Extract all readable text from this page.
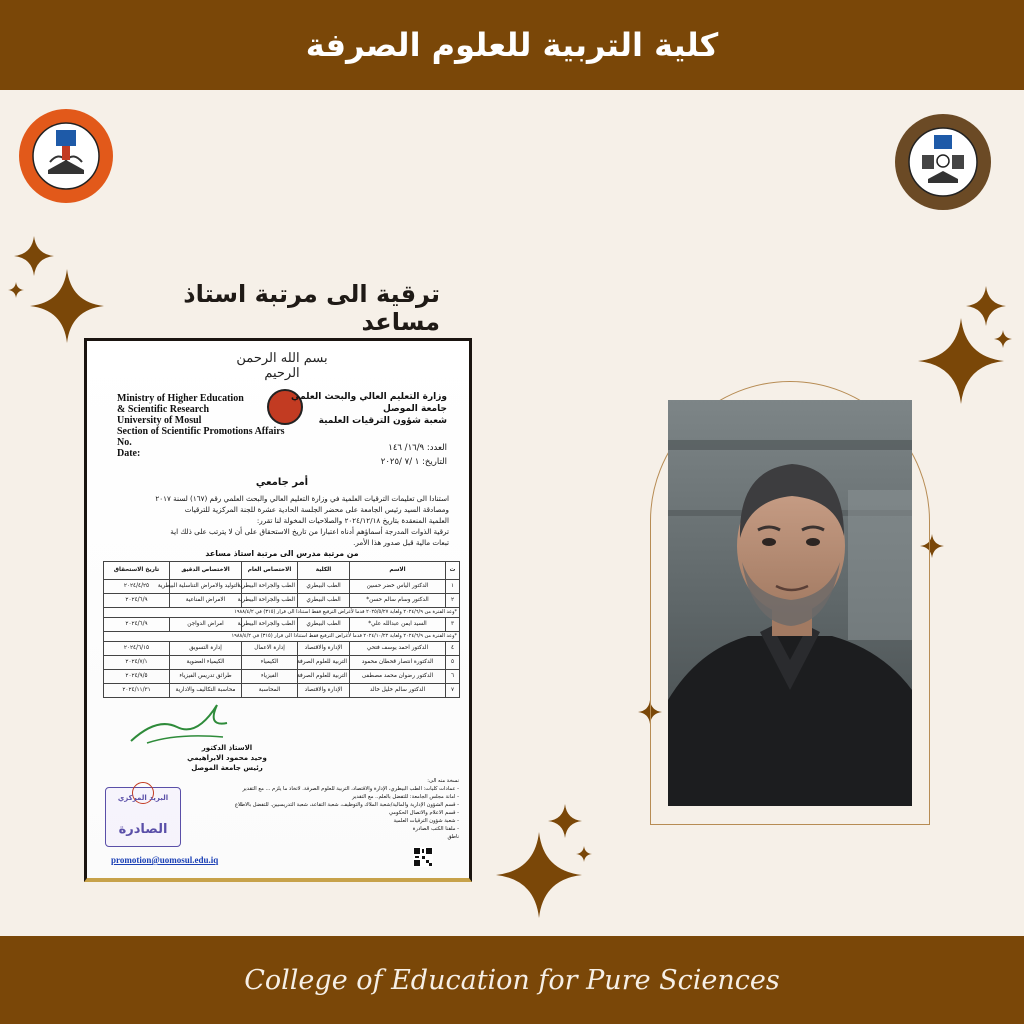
كلية التربية للعلوم الصرفة
ترقية الى مرتبة استاذ مساعد
بسم الله الرحمن الرحيم
Ministry of Higher Education
& Scientific Research
University of Mosul
Section of Scientific Promotions Affairs
No.
Date:
وزارة التعليم العالي والبحث العلمي
جامعة الموصل
شعبة شؤون الترقيات العلمية
العدد: ١٦/٩/ ١٤٦
التاريخ: ١ /٧ /٢٠٢٥
أمر جامعي
استنادا الى تعليمات الترقيات العلمية في وزارة التعليم العالي والبحث العلمي رقم (١٦٧) لسنة ٢٠١٧
ومصادقة السيد رئيس الجامعة على محضر الجلسة الحادية عشرة للجنة المركزية للترقيات
العلمية المنعقدة بتاريخ ٢٠٢٤/١٢/١٨ والصلاحيات المخولة لنا تقرر:
ترقية الذوات المدرجة أسماؤهم أدناه اعتبارا من تاريخ الاستحقاق على أن لا يترتب على ذلك اية
تبعات مالية قبل صدور هذا الأمر.
من مرتبة مدرس الى مرتبة استاذ مساعد
ت	الاسم	الكلية	الاختصاص العام	الاختصاص الدقيق	تاريخ الاستحقاق
١	الدكتور الياس خضر حسين	الطب البيطري	الطب والجراحة البيطرية	التوليد والامراض التناسلية البيطرية	٢٠٢٤/٤/٢٥
٢	الدكتور وسام سالم حسن*	الطب البيطري	الطب والجراحة البيطرية	الامراض المناعية	٢٠٢٤/٦/٩
*وعد الفترة من ٢٠٢٤/٦/٩ ولغاية ٢٠٢٥/٥/٢٧ قدما لأغراض الترفيع فقط استنادا الى قرار (٣١٥) في ١٩٨٨/٤/٢					
٣	السيد ايمن عبدالله علي*	الطب البيطري	الطب والجراحة البيطرية	امراض الدواجن	٢٠٢٤/٦/٩
*وعد الفترة من ٢٠٢٤/٦/٩ ولغاية ٢٠٢٤/١٠/٢٢ قدما لأغراض الترفيع فقط استنادا الى قرار (٣١٥) في ١٩٨٨/٤/٢					
٤	الدكتور احمد يوسف فتحي	الإدارة والاقتصاد	إدارة الاعمال	إدارة التسويق	٢٠٢٤/٦/١٥
٥	الدكتورة انتصار قحطان محمود	التربية للعلوم الصرفة	الكيمياء	الكيمياء العضوية	٢٠٢٤/٧/١
٦	الدكتور رضوان محمد مصطفى	التربية للعلوم الصرفة	الفيزياء	طرائق تدريس الفيزياء	٢٠٢٤/٩/٥
٧	الدكتور سالم خليل خالد	الإدارة والاقتصاد	المحاسبة	محاسبة التكاليف والادارية	٢٠٢٤/١١/٣١
الاستاذ الدكتور
وحيد محمود الابراهيمي
رئيس جامعة الموصل
نسخة منه الى:
- عمادات كليات: الطب البيطري، الإدارة والاقتصاد، التربية للعلوم الصرفة. لاتخاذ ما يلزم ... مع التقدير
- امانة مجلس الجامعة: للتفضل بالعلم.. مع التقدير
- قسم الشؤون الإدارية والمالية/شعبة الملاك والتوظيف، شعبة التقاعد، شعبة التدريسيين. للتفضل بالاطلاع
- قسم الاعلام والاتصال الحكومي
- شعبة شؤون الترقيات العلمية
- ملفنا الكتب الصادرة
ناطق
البريد المركزي
الصادرة
promotion@uomosul.edu.iq
College of Education for Pure Sciences
